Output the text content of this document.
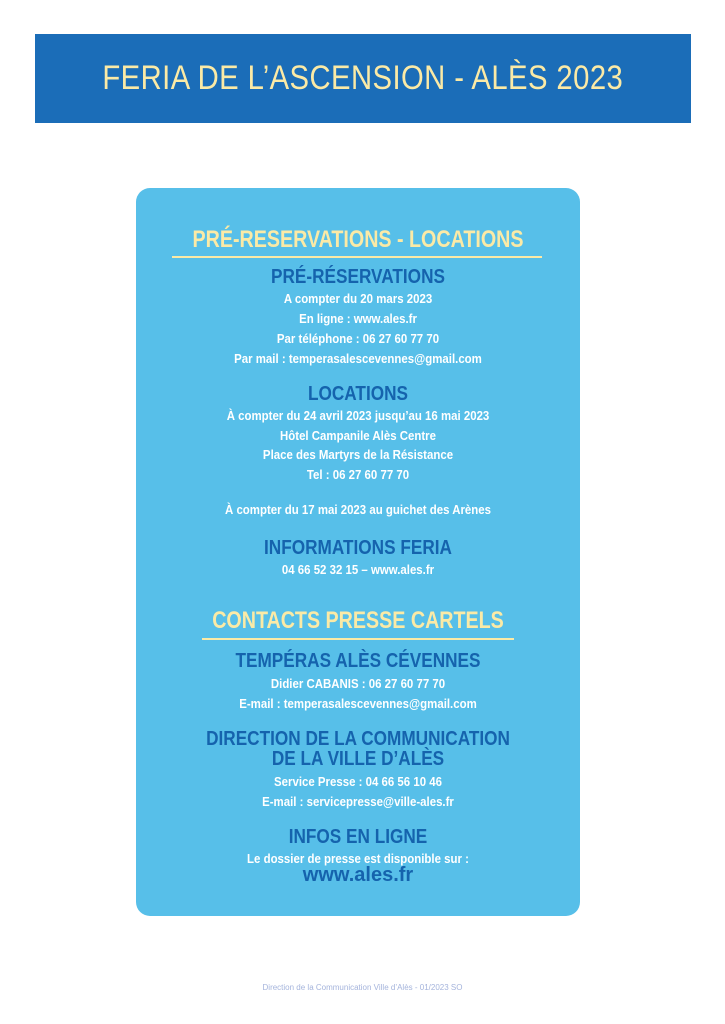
FERIA DE L’ASCENSION - ALÈS 2023
PRÉ-RESERVATIONS - LOCATIONS
PRÉ-RÉSERVATIONS
A compter du 20 mars 2023
En ligne : www.ales.fr
Par téléphone : 06 27 60 77 70
Par mail : temperasalescevennes@gmail.com
LOCATIONS
À compter du 24 avril 2023 jusqu’au 16 mai 2023
Hôtel Campanile Alès Centre
Place des Martyrs de la Résistance
Tel : 06 27 60 77 70
À compter du 17 mai 2023 au guichet des Arènes
INFORMATIONS FERIA
04 66 52 32 15 – www.ales.fr
CONTACTS PRESSE CARTELS
TEMPÉRAS ALÈS CÉVENNES
Didier CABANIS : 06 27 60 77 70
E-mail : temperasalescevennes@gmail.com
DIRECTION DE LA COMMUNICATION
DE LA VILLE D’ALÈS
Service Presse : 04 66 56 10 46
E-mail : servicepresse@ville-ales.fr
INFOS EN LIGNE
Le dossier de presse est disponible sur :
www.ales.fr
Direction de la Communication Ville d’Alès - 01/2023 SO
